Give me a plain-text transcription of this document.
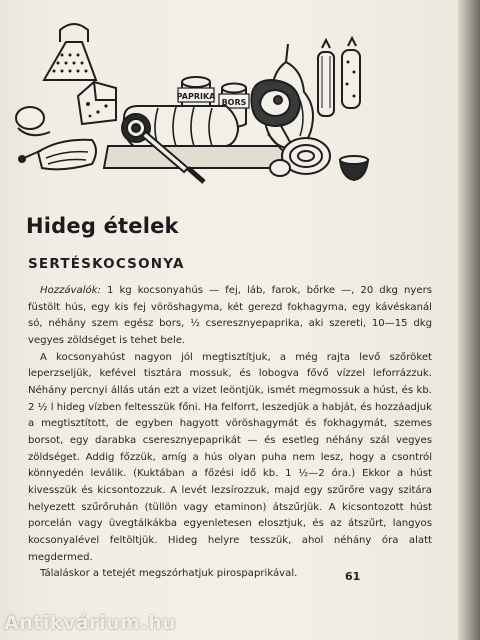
PAPRIKA
BORS
Hideg ételek
SERTÉSKOCSONYA

Hozzávalók: 1 kg kocsonyahús — fej, láb, farok, bőrke —, 20 dkg nyers füstölt hús, egy kis fej vöröshagyma, két gerezd fokhagyma, egy kávéskanál só, néhány szem egész bors, ½ cseresznyepaprika, aki szereti, 10—15 dkg vegyes zöldséget is tehet bele.

A kocsonyahúst nagyon jól megtisztítjuk, a még rajta levő szőröket leperzseljük, kefével tisztára mossuk, és lobogva fővő vízzel leforrázzuk. Néhány percnyi állás után ezt a vizet leöntjük, ismét megmossuk a húst, és kb. 2 ½ l hideg vízben feltesszük főni. Ha felforrt, leszedjük a habját, és hozzáadjuk a megtisztított, de egyben hagyott vöröshagymát és fokhagymát, szemes borsot, egy darabka cseresznyepaprikát — és esetleg néhány szál vegyes zöldséget. Addig főzzük, amíg a hús olyan puha nem lesz, hogy a csontról könnyedén leválik. (Kuktában a főzési idő kb. 1 ½—2 óra.) Ekkor a húst kivesszük és kicsontozzuk. A levét lezsírozzuk, majd egy szűrőre vagy szitára helyezett szűrőruhán (tüllön vagy etaminon) átszűrjük. A kicsontozott húst porcelán vagy üvegtálkákba egyenletesen elosztjuk, és az átszűrt, langyos kocsonyalével feltöltjük. Hideg helyre tesszük, ahol néhány óra alatt megdermed.

Tálaláskor a tetejét megszórhatjuk pirospaprikával.	61
Antikvárium.hu
